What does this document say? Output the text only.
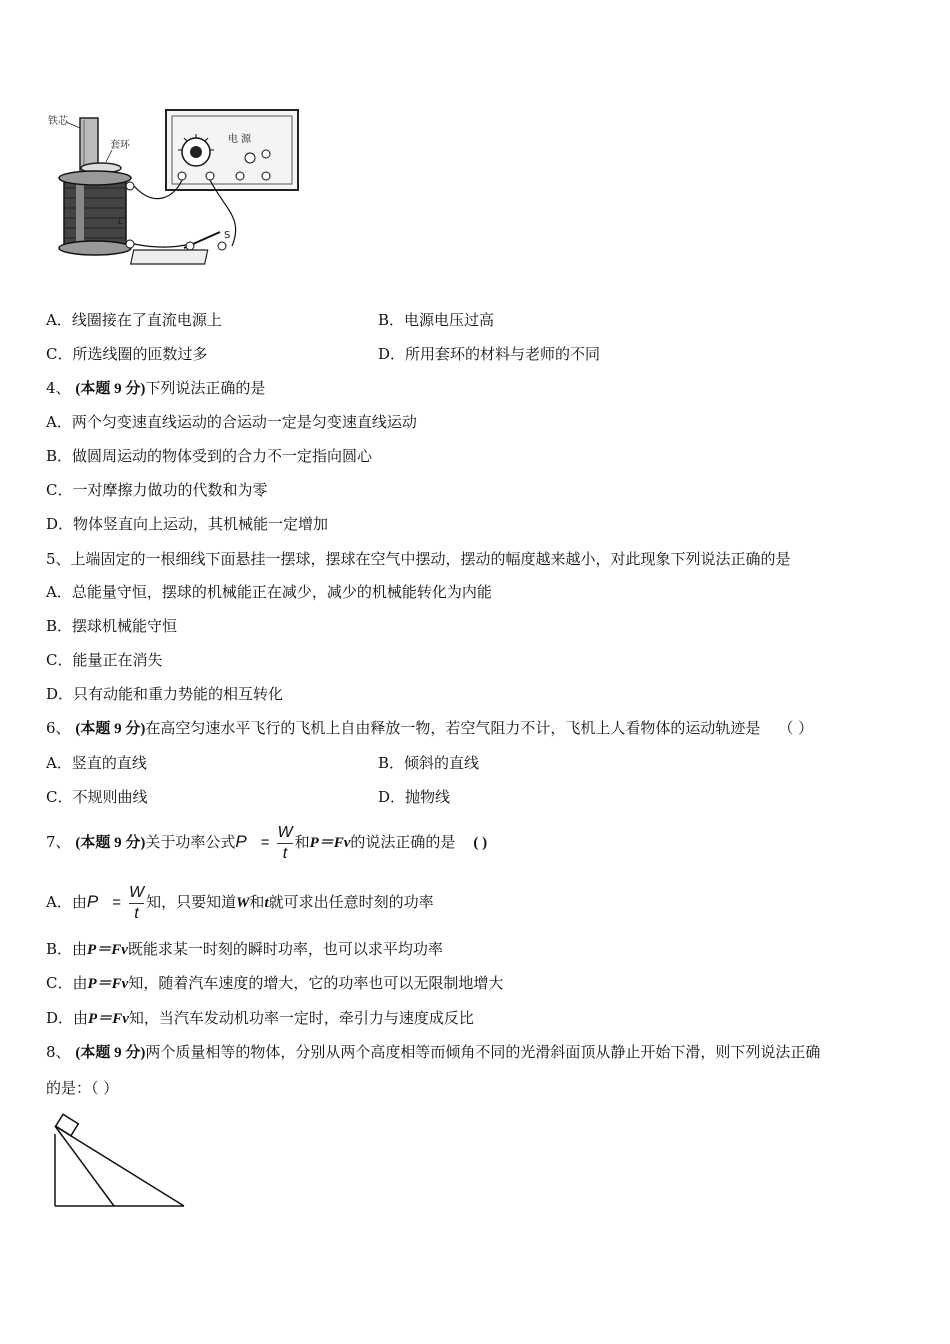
铁芯
套环
L
电 源
S
A．线圈接在了直流电源上	B．电源电压过高
C．所选线圈的匝数过多	D．所用套环的材料与老师的不同
4、 (本题 9 分)下列说法正确的是
A．两个匀变速直线运动的合运动一定是匀变速直线运动
B．做圆周运动的物体受到的合力不一定指向圆心
C．一对摩擦力做功的代数和为零
D．物体竖直向上运动，其机械能一定增加
5、上端固定的一根细线下面悬挂一摆球，摆球在空气中摆动，摆动的幅度越来越小，对此现象下列说法正确的是
A．总能量守恒，摆球的机械能正在减少，减少的机械能转化为内能
B．摆球机械能守恒
C．能量正在消失
D．只有动能和重力势能的相互转化
6、 (本题 9 分)在高空匀速水平飞行的飞机上自由释放一物，若空气阻力不计，飞机上人看物体的运动轨迹是 （ ）
A．竖直的直线	B．倾斜的直线
C．不规则曲线	D．抛物线
7、 (本题 9 分)关于功率公式$P = \frac{W}{t}$ 和P＝Fv的说法正确的是 ( )
A．由$P = \frac{W}{t}$ 知，只要知道W和t就可求出任意时刻的功率
B．由P＝Fv既能求某一时刻的瞬时功率，也可以求平均功率
C．由P＝Fv知，随着汽车速度的增大，它的功率也可以无限制地增大
D．由P＝Fv知，当汽车发动机功率一定时，牵引力与速度成反比
8、 (本题 9 分)两个质量相等的物体，分别从两个高度相等而倾角不同的光滑斜面顶从静止开始下滑，则下列说法正确
的是：（ ）
